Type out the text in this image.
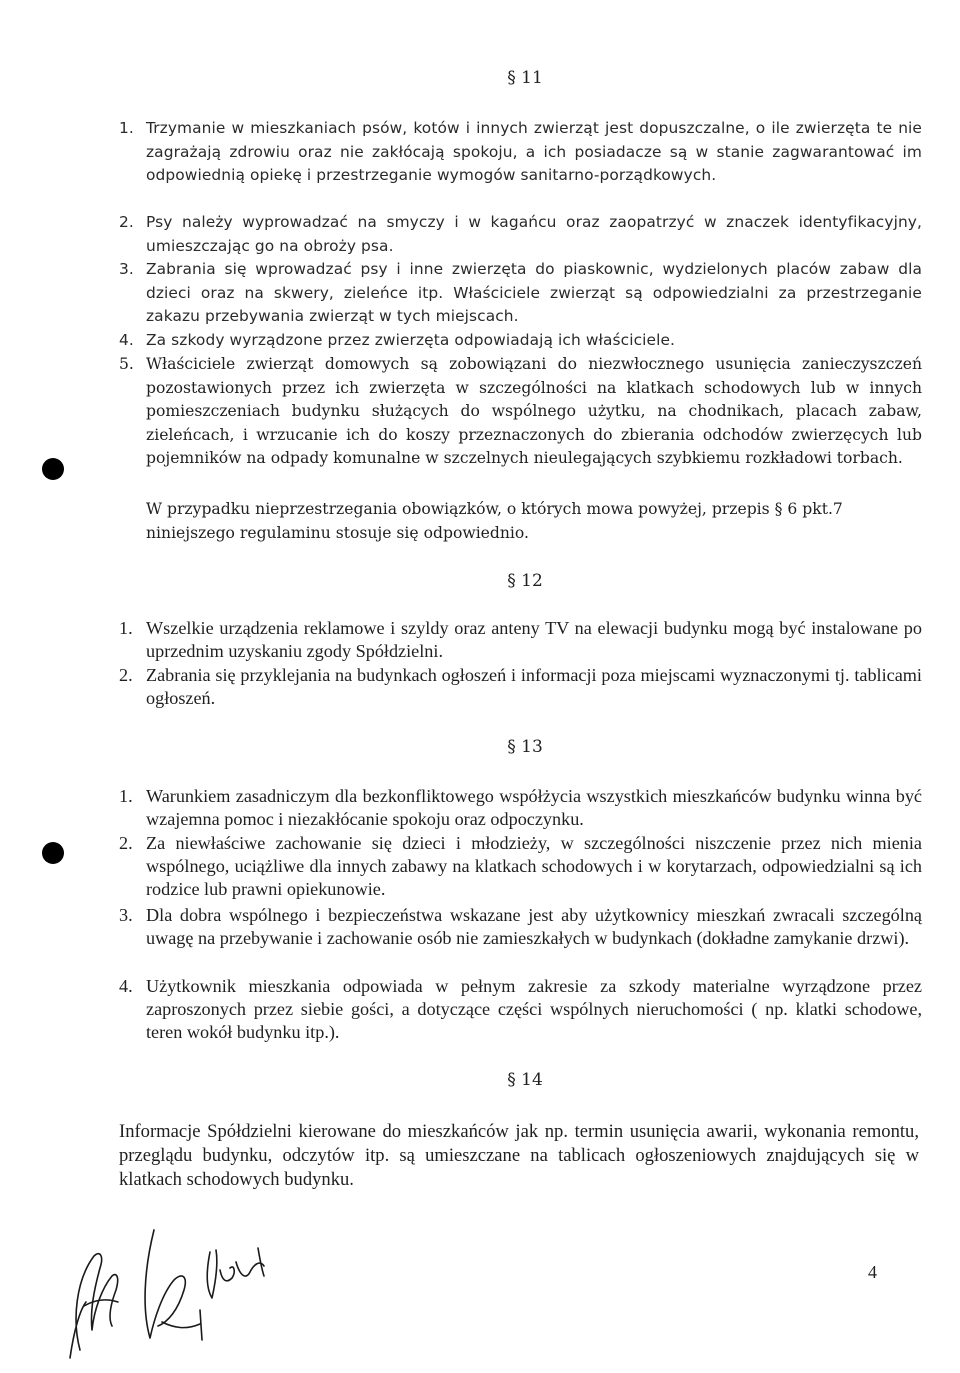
§ 11
1. Trzymanie w mieszkaniach psów, kotów i innych zwierząt jest dopuszczalne, o ile zwierzęta te nie zagrażają zdrowiu oraz nie zakłócają spokoju, a ich posiadacze są w stanie zagwarantować im odpowiednią opiekę i przestrzeganie wymogów sanitarno-porządkowych.
2. Psy należy wyprowadzać na smyczy i w kagańcu oraz zaopatrzyć w znaczek identyfikacyjny, umieszczając go na obroży psa.
3. Zabrania się wprowadzać psy i inne zwierzęta do piaskownic, wydzielonych placów zabaw dla dzieci oraz na skwery, zieleńce itp. Właściciele zwierząt są odpowiedzialni za przestrzeganie zakazu przebywania zwierząt w tych miejscach.
4. Za szkody wyrządzone przez zwierzęta odpowiadają ich właściciele.
5. Właściciele zwierząt domowych są zobowiązani do niezwłocznego usunięcia zanieczyszczeń pozostawionych przez ich zwierzęta w szczególności na klatkach schodowych lub w innych pomieszczeniach budynku służących do wspólnego użytku, na chodnikach, placach zabaw, zieleńcach, i wrzucanie ich do koszy przeznaczonych do zbierania odchodów zwierzęcych lub pojemników na odpady komunalne w szczelnych nieulegających szybkiemu rozkładowi torbach.
W przypadku nieprzestrzegania obowiązków, o których mowa powyżej, przepis § 6 pkt.7 niniejszego regulaminu stosuje się odpowiednio.
§ 12
1. Wszelkie urządzenia reklamowe i szyldy oraz anteny TV na elewacji budynku mogą być instalowane po uprzednim uzyskaniu zgody Spółdzielni.
2. Zabrania się przyklejania na budynkach ogłoszeń i informacji poza miejscami wyznaczonymi tj. tablicami ogłoszeń.
§ 13
1. Warunkiem zasadniczym dla bezkonfliktowego współżycia wszystkich mieszkańców budynku winna być wzajemna pomoc i niezakłócanie spokoju oraz odpoczynku.
2. Za niewłaściwe zachowanie się dzieci i młodzieży, w szczególności niszczenie przez nich mienia wspólnego, uciążliwe dla innych zabawy na klatkach schodowych i w korytarzach, odpowiedzialni są ich rodzice lub prawni opiekunowie.
3. Dla dobra wspólnego i bezpieczeństwa wskazane jest aby użytkownicy mieszkań zwracali szczególną uwagę na przebywanie i zachowanie osób nie zamieszkałych w budynkach (dokładne zamykanie drzwi).
4. Użytkownik mieszkania odpowiada w pełnym zakresie za szkody materialne wyrządzone przez zaproszonych przez siebie gości, a dotyczące części wspólnych nieruchomości ( np. klatki schodowe, teren wokół budynku itp.).
§ 14
Informacje Spółdzielni kierowane do mieszkańców jak np. termin usunięcia awarii, wykonania remontu, przeglądu budynku, odczytów itp. są umieszczane na tablicach ogłoszeniowych znajdujących się w klatkach schodowych budynku.
4
